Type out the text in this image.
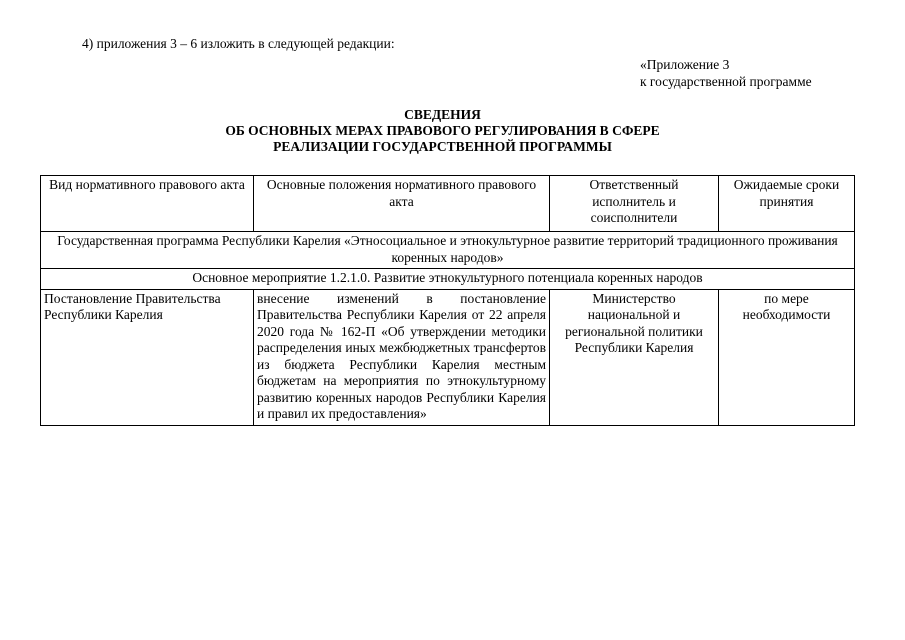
4) приложения 3 – 6 изложить в следующей редакции:
«Приложение 3
к государственной программе
СВЕДЕНИЯ
ОБ ОСНОВНЫХ МЕРАХ ПРАВОВОГО РЕГУЛИРОВАНИЯ В СФЕРЕ
РЕАЛИЗАЦИИ ГОСУДАРСТВЕННОЙ ПРОГРАММЫ
Вид нормативного правового акта	Основные положения нормативного правового акта	Ответственный исполнитель и соисполнители	Ожидаемые сроки принятия
Государственная программа Республики Карелия «Этносоциальное и этнокультурное развитие территорий традиционного проживания коренных народов»			
Основное мероприятие 1.2.1.0. Развитие этнокультурного потенциала коренных народов			
Постановление Правительства Республики Карелия	внесение изменений в постановление Правительства Республики Карелия от 22 апреля 2020 года № 162-П «Об утверждении методики распределения иных межбюджетных трансфертов из бюджета Республики Карелия местным бюджетам на мероприятия по этнокультурному развитию коренных народов Республики Карелия и правил их предоставления»	Министерство национальной и региональной политики Республики Карелия	по мере необходимости
